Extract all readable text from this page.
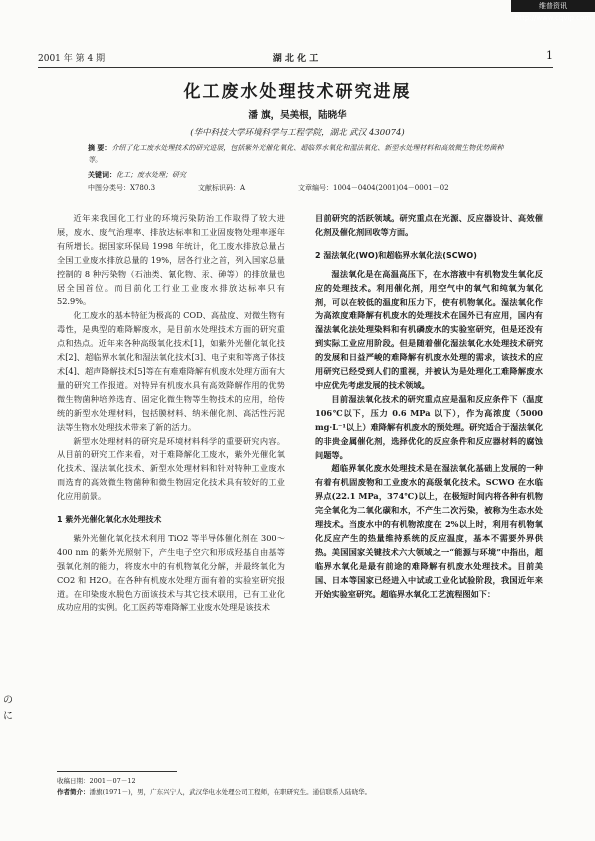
维普资讯 http://www.cqvip.com
2001 年 第 4 期	湖 北 化 工	1
化工废水处理技术研究进展
潘 旗，吴美根，陆晓华
(华中科技大学环境科学与工程学院，湖北 武汉 430074)
摘 要：介绍了化工废水处理技术的研究进展，包括紫外光催化氧化、超临界水氧化和湿法氧化、新型水处理材料和高效微生物优势菌种等。
关键词：化工；废水处理；研究
中图分类号：X780.3	文献标识码：A	文章编号：1004－0404(2001)04－0001－02

近年来我国化工行业的环境污染防治工作取得了较大进展，废水、废气治理率、排放达标率和工业固废物处理率逐年有所增长。据国家环保局 1998 年统计，化工废水排放总量占全国工业废水排放总量的 19%，居各行业之首，列入国家总量控制的 8 种污染物（石油类、氰化物、汞、砷等）的排放量也居全国首位。而目前化工行业工业废水排放达标率只有 52.9%。

化工废水的基本特征为极高的 COD、高盐度、对微生物有毒性，是典型的难降解废水，是目前水处理技术方面的研究重点和热点。近年来各种高级氧化技术[1]，如紫外光催化氧化技术[2]、超临界水氧化和湿法氧化技术[3]、电子束和等离子体技术[4]、超声降解技术[5]等在有难难降解有机废水处理方面有大量的研究工作报道。对特异有机废水具有高效降解作用的优势微生物菌种培养选育、固定化微生物等生物技术的应用，给传统的新型水处理材料，包括膜材料、纳米催化剂、高活性污泥法等生物水处理技术带来了新的活力。

新型水处理材料的研究是环境材料科学的重要研究内容。从目前的研究工作来看，对于难降解化工废水，紫外光催化氧化技术、湿法氧化技术、新型水处理材料和针对特种工业废水而选育的高效微生物菌种和微生物固定化技术具有较好的工业化应用前景。

1 紫外光催化氧化水处理技术

紫外光催化氧化技术利用 TiO2 等半导体催化剂在 300～400 nm 的紫外光照射下，产生电子空穴和形成羟基自由基等强氧化剂的能力，将废水中的有机物氧化分解，并最终氧化为 CO2 和 H2O。在各种有机废水处理方面有着的实验室研究报道。在印染废水脱色方面该技术与其它技术联用，已有工业化成功应用的实例。化工医药等难降解工业废水处理是该技术

目前研究的活跃领域。研究重点在光源、反应器设计、高效催化剂及催化剂回收等方面。

2 湿法氧化(WO)和超临界水氧化法(SCWO)

湿法氧化是在高温高压下，在水溶液中有机物发生氧化反应的处理技术。利用催化剂，用空气中的氧气和纯氧为氧化剂，可以在较低的温度和压力下，使有机物氧化。湿法氧化作为高浓度难降解有机废水的处理技术在国外已有应用，国内有湿法氧化法处理染料和有机磷废水的实验室研究，但是还没有到实际工业应用阶段。但是随着催化湿法氧化水处理技术研究的发展和日益严峻的难降解有机废水处理的需求，该技术的应用研究已经受到人们的重视，并被认为是处理化工难降解废水中应优先考虑发展的技术领域。

目前湿法氧化技术的研究重点应是温和反应条件下（温度 106℃以下，压力 0.6 MPa 以下），作为高浓度（5000 mg·L⁻¹以上）难降解有机废水的预处理。研究适合于湿法氧化的非贵金属催化剂，选择优化的反应条件和反应器材料的腐蚀问题等。

超临界氧化废水处理技术是在湿法氧化基础上发展的一种有着有机固废物和工业废水的高级氧化技术。SCWO 在水临界点(22.1 MPa，374℃)以上，在极短时间内将各种有机物完全氧化为二氧化碳和水，不产生二次污染，被称为生态水处理技术。当废水中的有机物浓度在 2%以上时，利用有机物氧化反应产生的热量维持系统的反应温度，基本不需要外界供热。美国国家关键技术六大领域之一“能源与环境”中指出，超临界水氧化是最有前途的难降解有机废水处理技术。目前美国、日本等国家已经进入中试或工业化试验阶段，我国近年来开始实验室研究。超临界水氧化工艺流程图如下：

の
に
收稿日期：2001－07－12
作者简介：潘旗(1971－)，男，广东兴宁人，武汉华电水处理公司工程师，在职研究生。通信联系人陆晓华。
